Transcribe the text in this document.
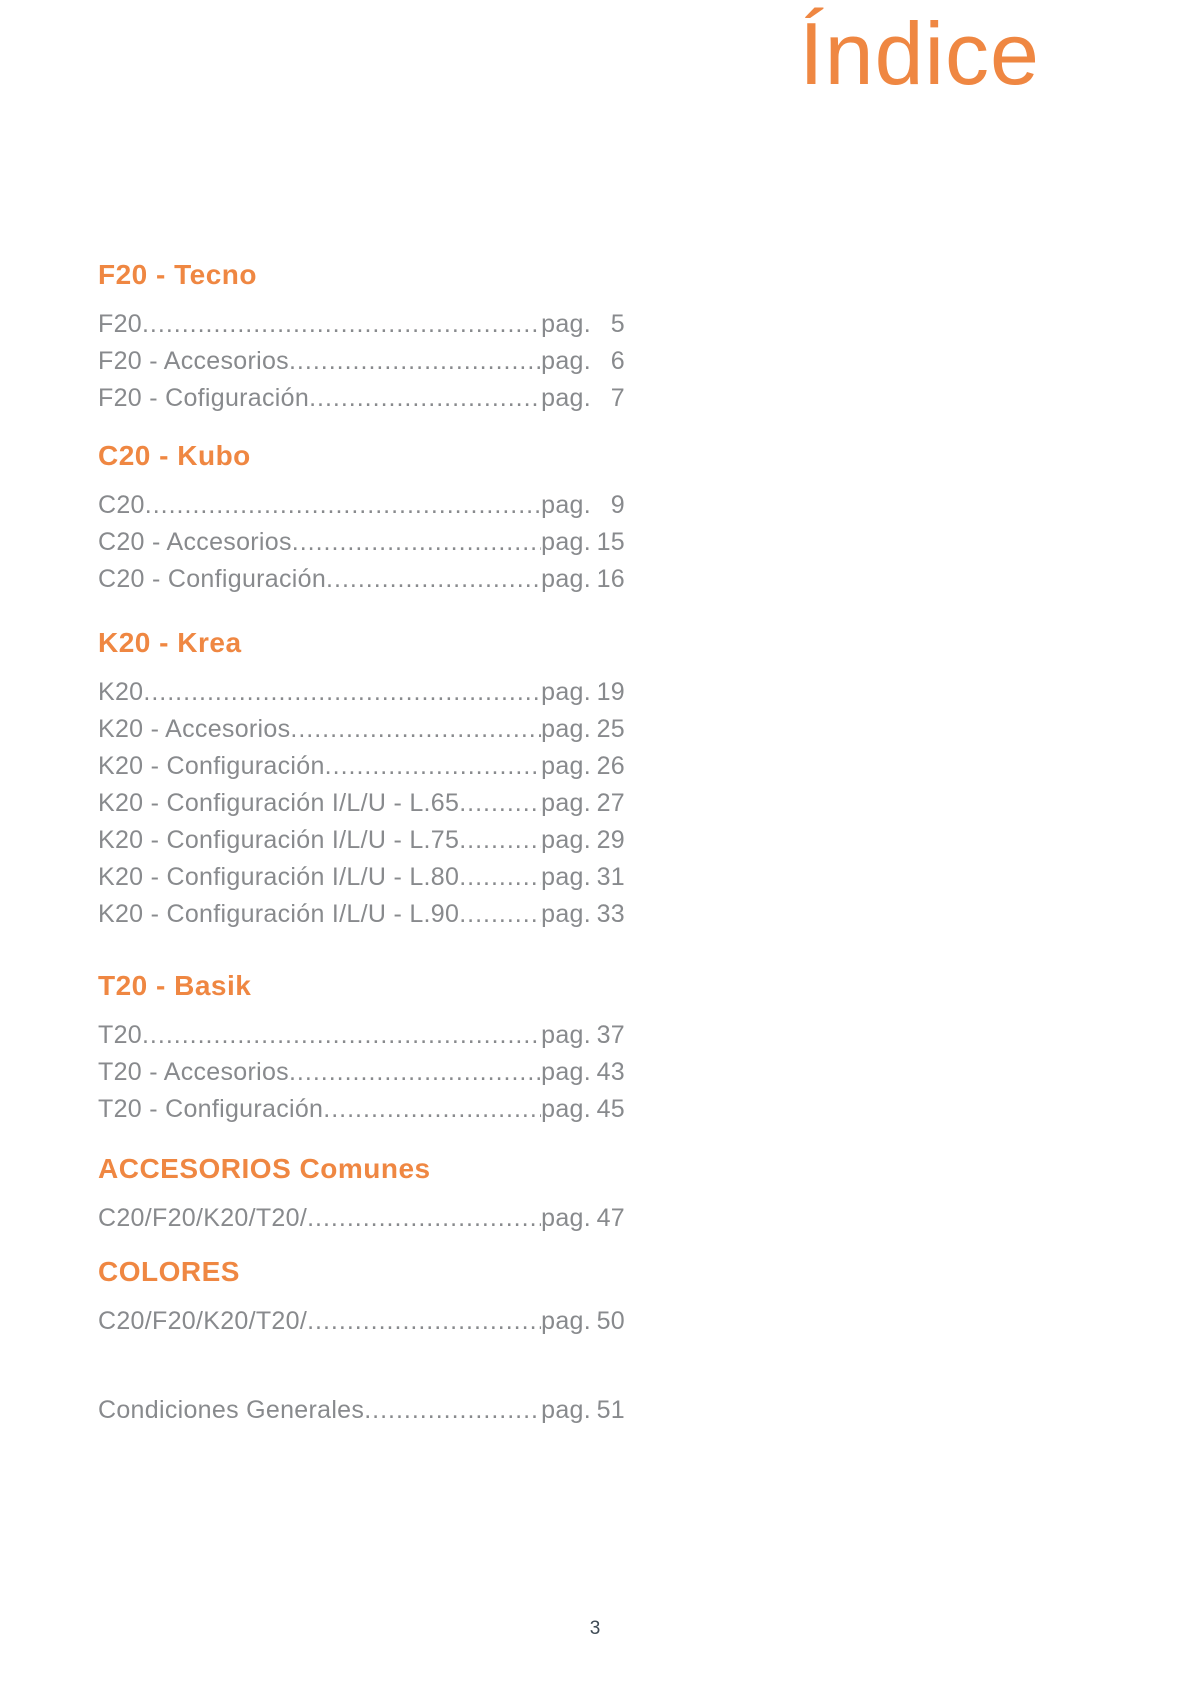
Índice
F20 - Tecno
F20 .....	pag. 5
F20 - Accesorios .....	pag. 6
F20 - Cofiguración .....	pag. 7
C20 - Kubo
C20 .....	pag. 9
C20 - Accesorios .....	pag. 15
C20 - Configuración .....	pag. 16
K20 - Krea
K20 .....	pag. 19
K20 - Accesorios .....	pag. 25
K20 - Configuración .....	pag. 26
K20 - Configuración I/L/U - L.65 .....	pag. 27
K20 - Configuración I/L/U - L.75 .....	pag. 29
K20 - Configuración I/L/U - L.80 .....	pag. 31
K20 - Configuración I/L/U - L.90 .....	pag. 33
T20 - Basik
T20 .....	pag. 37
T20 - Accesorios .....	pag. 43
T20 - Configuración .....	pag. 45
ACCESORIOS Comunes
C20/F20/K20/T20/ .....	pag. 47
COLORES
C20/F20/K20/T20/ .....	pag. 50
Condiciones Generales .....	pag. 51
3
